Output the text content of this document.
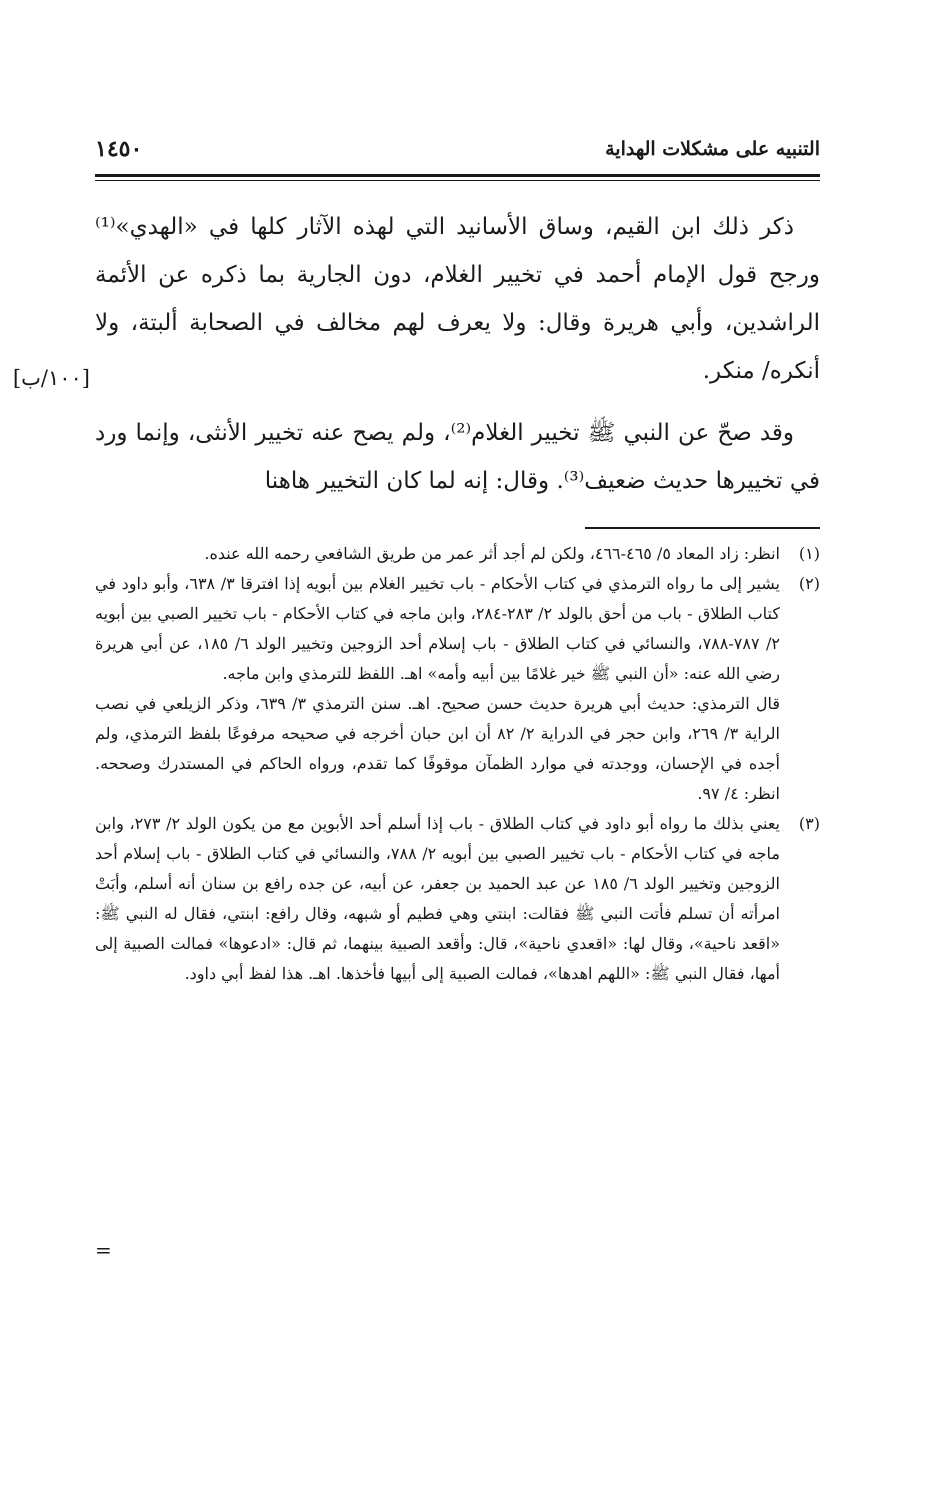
التنبيه على مشكلات الهداية
١٤٥٠

ذكر ذلك ابن القيم، وساق الأسانيد التي لهذه الآثار كلها في «الهدي»⁽¹⁾ ورجح قول الإمام أحمد في تخيير الغلام، دون الجارية بما ذكره عن الأئمة الراشدين، وأبي هريرة وقال: ولا يعرف لهم مخالف في الصحابة ألبتة، ولا أنكره/ منكر.

وقد صحّ عن النبي ﷺ تخيير الغلام⁽²⁾، ولم يصح عنه تخيير الأنثى، وإنما ورد في تخييرها حديث ضعيف⁽³⁾. وقال: إنه لما كان التخيير هاهنا

(١)

انظر: زاد المعاد ٥/ ٤٦٥-٤٦٦، ولكن لم أجد أثر عمر من طريق الشافعي رحمه الله عنده.

(٢)

يشير إلى ما رواه الترمذي في كتاب الأحكام - باب تخيير الغلام بين أبويه إذا افترقا ٣/ ٦٣٨، وأبو داود في كتاب الطلاق - باب من أحق بالولد ٢/ ٢٨٣-٢٨٤، وابن ماجه في كتاب الأحكام - باب تخيير الصبي بين أبويه ٢/ ٧٨٧-٧٨٨، والنسائي في كتاب الطلاق - باب إسلام أحد الزوجين وتخيير الولد ٦/ ١٨٥، عن أبي هريرة رضي الله عنه: «أن النبي ﷺ خير غلامًا بين أبيه وأمه» اهـ. اللفظ للترمذي وابن ماجه.

قال الترمذي: حديث أبي هريرة حديث حسن صحيح. اهـ. سنن الترمذي ٣/ ٦٣٩، وذكر الزيلعي في نصب الراية ٣/ ٢٦٩، وابن حجر في الدراية ٢/ ٨٢ أن ابن حبان أخرجه في صحيحه مرفوعًا بلفظ الترمذي، ولم أجده في الإحسان، ووجدته في موارد الظمآن موقوفًا كما تقدم، ورواه الحاكم في المستدرك وصححه. انظر: ٤/ ٩٧.

(٣)

يعني بذلك ما رواه أبو داود في كتاب الطلاق - باب إذا أسلم أحد الأبوين مع من يكون الولد ٢/ ٢٧٣، وابن ماجه في كتاب الأحكام - باب تخيير الصبي بين أبويه ٢/ ٧٨٨، والنسائي في كتاب الطلاق - باب إسلام أحد الزوجين وتخيير الولد ٦/ ١٨٥ عن عبد الحميد بن جعفر، عن أبيه، عن جده رافع بن سنان أنه أسلم، وأبَتْ امرأته أن تسلم فأتت النبي ﷺ فقالت: ابنتي وهي فطيم أو شبهه، وقال رافع: ابنتي، فقال له النبي ﷺ: «اقعد ناحية»، وقال لها: «اقعدي ناحية»، قال: وأقعد الصبية بينهما، ثم قال: «ادعوها» فمالت الصبية إلى أمها، فقال النبي ﷺ: «اللهم اهدها»، فمالت الصبية إلى أبيها فأخذها. اهـ. هذا لفظ أبي داود.

[١٠٠/ب]
=
